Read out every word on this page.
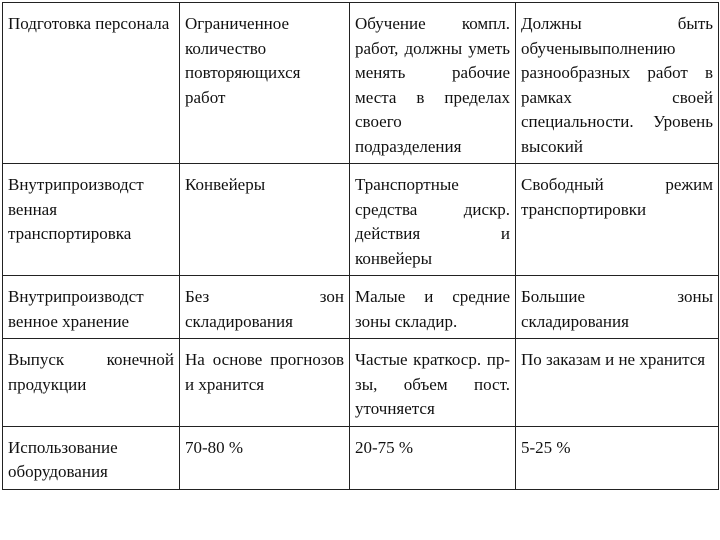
Подготовка персонала	Ограниченное количество повторяющихся работ	Обучение компл. работ, должны уметь менять рабочие места в пределах своего подразделения	Должны быть обученывыполнению разнообразных работ в рамках своей специальности. Уровень высокий

Внутрипроизводст венная транспортировка	Конвейеры	Транспортные средства дискр. действия и конвейеры	Свободный режим транспортировки

Внутрипроизводст венное хранение	Без зон складирования	Малые и средние зоны складир.	Большие зоны складирования

Выпуск конечной продукции	На основе прогнозов и хранится	Частые краткоср. пр-зы, объем пост. уточняется	По заказам и не хранится

Использование оборудования	70-80 %	20-75 %	5-25 %
